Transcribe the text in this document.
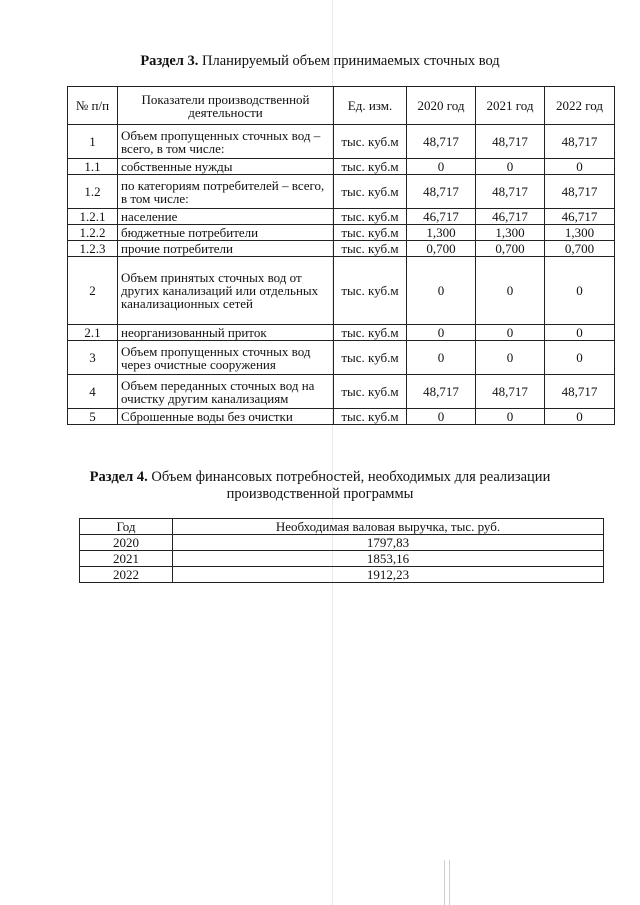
Раздел 3. Планируемый объем принимаемых сточных вод
№ п/п	Показатели производственной деятельности	Ед. изм.	2020 год	2021 год	2022 год
1	Объем пропущенных сточных вод – всего, в том числе:	тыс. куб.м	48,717	48,717	48,717
1.1	собственные нужды	тыс. куб.м	0	0	0
1.2	по категориям потребителей – всего, в том числе:	тыс. куб.м	48,717	48,717	48,717
1.2.1	население	тыс. куб.м	46,717	46,717	46,717
1.2.2	бюджетные потребители	тыс. куб.м	1,300	1,300	1,300
1.2.3	прочие потребители	тыс. куб.м	0,700	0,700	0,700
2	Объем принятых сточных вод от других канализаций или отдельных канализационных сетей	тыс. куб.м	0	0	0
2.1	неорганизованный приток	тыс. куб.м	0	0	0
3	Объем пропущенных сточных вод через очистные сооружения	тыс. куб.м	0	0	0
4	Объем переданных сточных вод на очистку другим канализациям	тыс. куб.м	48,717	48,717	48,717
5	Сброшенные воды без очистки	тыс. куб.м	0	0	0
Раздел 4. Объем финансовых потребностей, необходимых для реализации
производственной программы
Год	Необходимая валовая выручка, тыс. руб.
2020	1797,83
2021	1853,16
2022	1912,23
